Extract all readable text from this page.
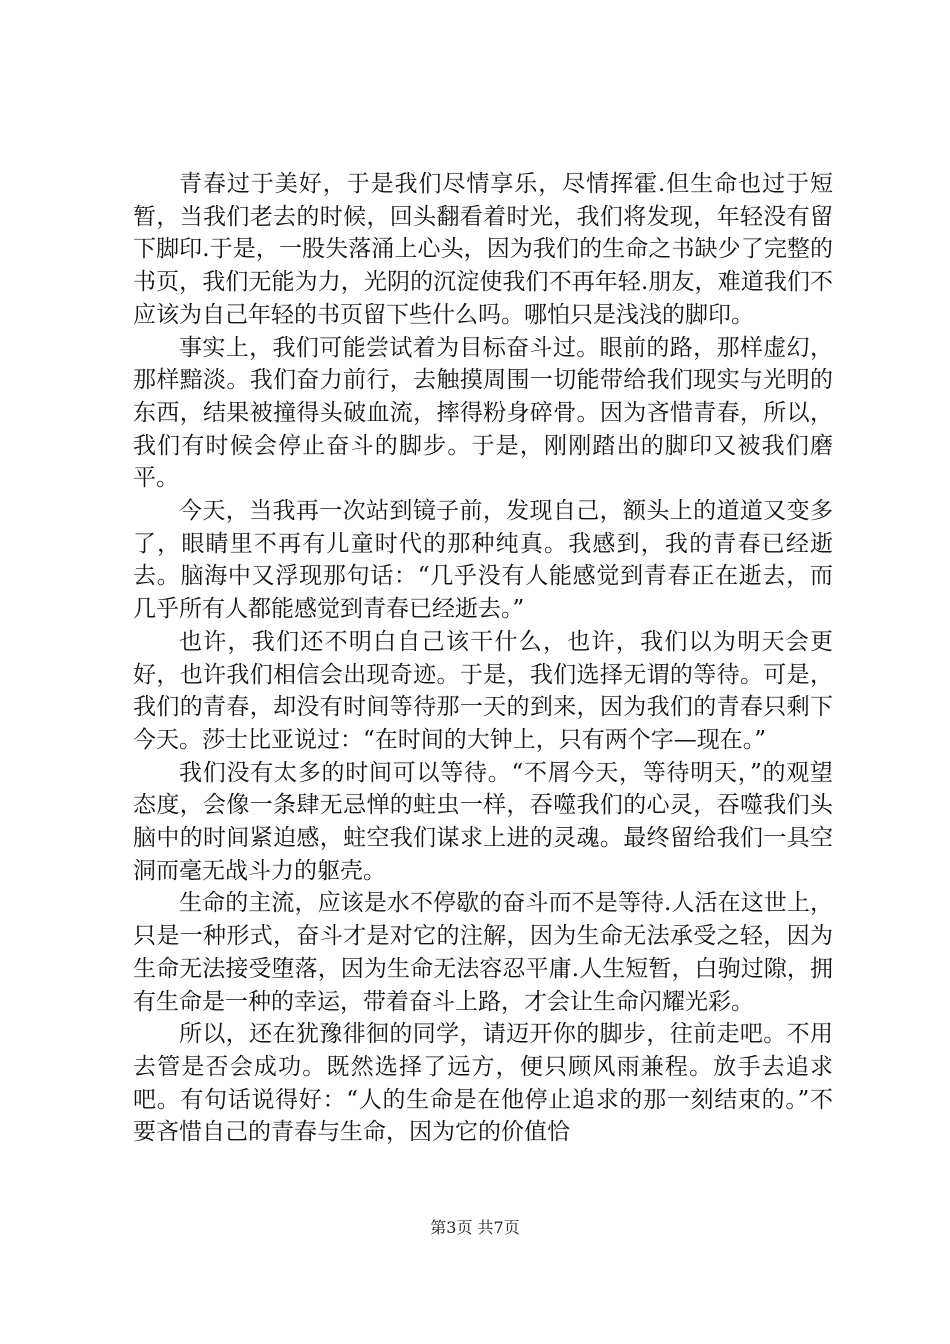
青春过于美好，于是我们尽情享乐，尽情挥霍.但生命也过于短暂，当我们老去的时候，回头翻看着时光，我们将发现，年轻没有留下脚印.于是，一股失落涌上心头，因为我们的生命之书缺少了完整的书页，我们无能为力，光阴的沉淀使我们不再年轻.朋友，难道我们不应该为自己年轻的书页留下些什么吗。哪怕只是浅浅的脚印。

事实上，我们可能尝试着为目标奋斗过。眼前的路，那样虚幻，那样黯淡。我们奋力前行，去触摸周围一切能带给我们现实与光明的东西，结果被撞得头破血流，摔得粉身碎骨。因为吝惜青春，所以，我们有时候会停止奋斗的脚步。于是，刚刚踏出的脚印又被我们磨平。

今天，当我再一次站到镜子前，发现自己，额头上的道道又变多了，眼睛里不再有儿童时代的那种纯真。我感到，我的青春已经逝去。脑海中又浮现那句话：“几乎没有人能感觉到青春正在逝去，而几乎所有人都能感觉到青春已经逝去。”

也许，我们还不明白自己该干什么，也许，我们以为明天会更好，也许我们相信会出现奇迹。于是，我们选择无谓的等待。可是，我们的青春，却没有时间等待那一天的到来，因为我们的青春只剩下今天。莎士比亚说过：“在时间的大钟上，只有两个字—现在。”

我们没有太多的时间可以等待。“不屑今天，等待明天，”的观望态度，会像一条肆无忌惮的蛀虫一样，吞噬我们的心灵，吞噬我们头脑中的时间紧迫感，蛀空我们谋求上进的灵魂。最终留给我们一具空洞而毫无战斗力的躯壳。

生命的主流，应该是水不停歇的奋斗而不是等待.人活在这世上，只是一种形式，奋斗才是对它的注解，因为生命无法承受之轻，因为生命无法接受堕落，因为生命无法容忍平庸.人生短暂，白驹过隙，拥有生命是一种的幸运，带着奋斗上路，才会让生命闪耀光彩。

所以，还在犹豫徘徊的同学，请迈开你的脚步，往前走吧。不用去管是否会成功。既然选择了远方，便只顾风雨兼程。放手去追求吧。有句话说得好：“人的生命是在他停止追求的那一刻结束的。”不要吝惜自己的青春与生命，因为它的价值恰

第3页 共7页
